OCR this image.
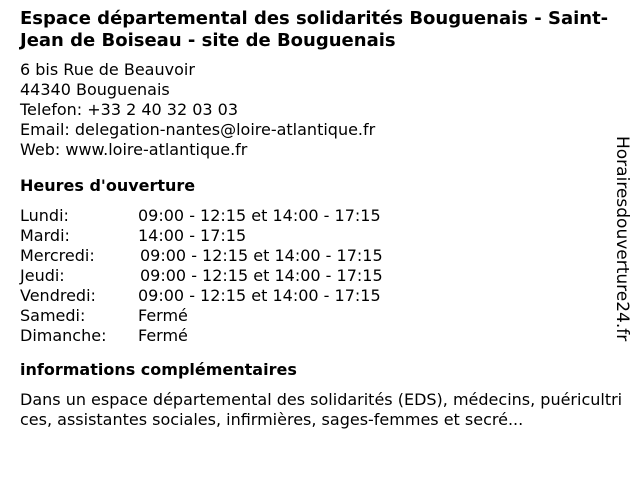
Espace départemental des solidarités Bouguenais - Saint-Jean de Boiseau - site de Bouguenais
6 bis Rue de Beauvoir
44340 Bouguenais
Telefon: +33 2 40 32 03 03
Email: delegation-nantes@loire-atlantique.fr
Web: www.loire-atlantique.fr
Heures d'ouverture
Lundi:	09:00 - 12:15 et 14:00 - 17:15
Mardi:	14:00 - 17:15
Mercredi:	09:00 - 12:15 et 14:00 - 17:15
Jeudi:	09:00 - 12:15 et 14:00 - 17:15
Vendredi:	09:00 - 12:15 et 14:00 - 17:15
Samedi:	Fermé
Dimanche:	Fermé
informations complémentaires
Dans un espace départemental des solidarités (EDS), médecins, puéricultrices, assistantes sociales, infirmières, sages-femmes et secré...
Horairesdouverture24.fr
